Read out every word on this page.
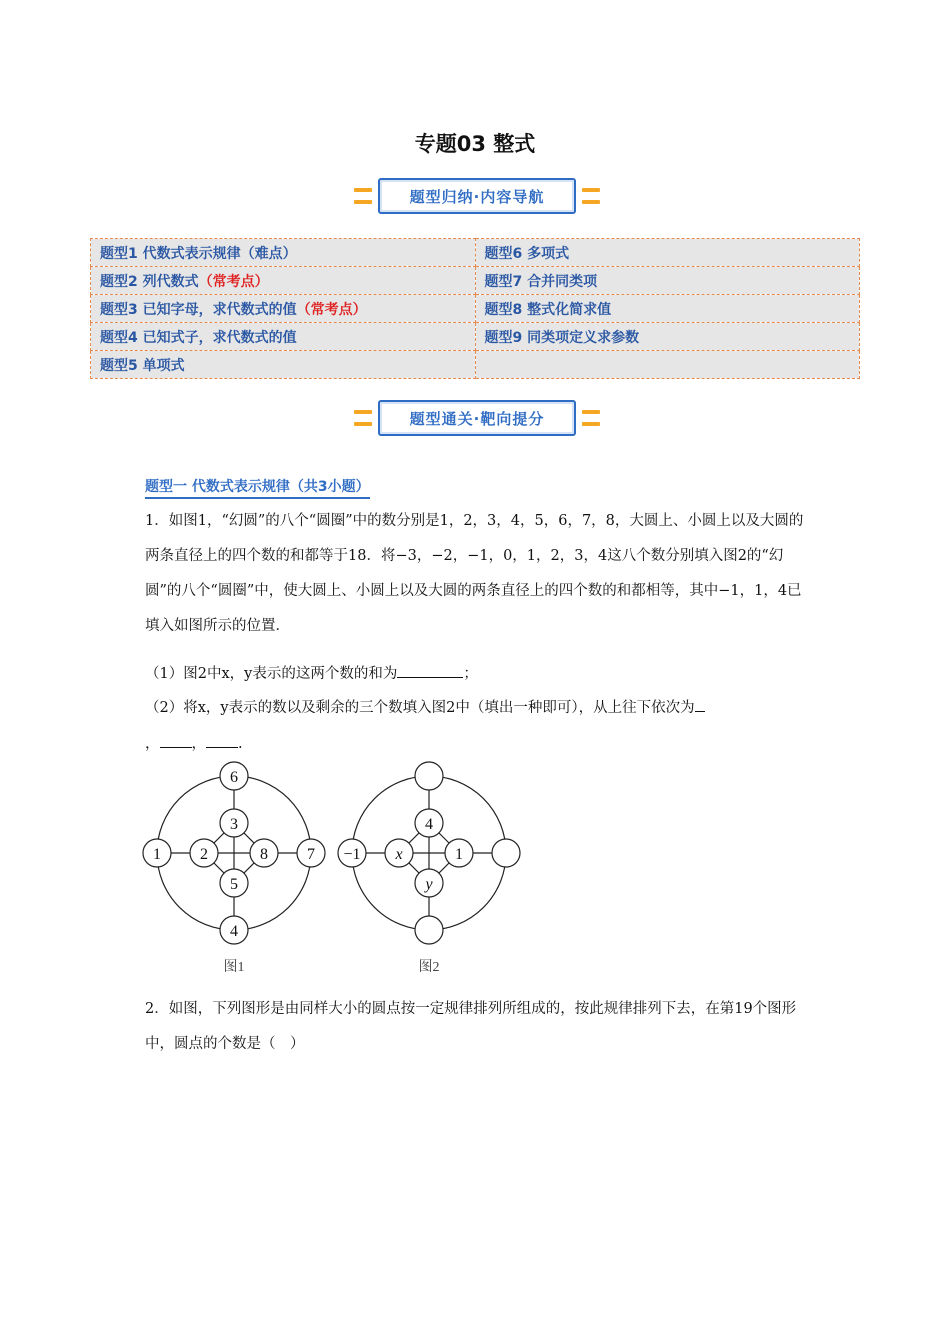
专题03 整式
题型归纳·内容导航
题型1 代数式表示规律（难点）	题型6 多项式
题型2 列代数式（常考点）	题型7 合并同类项
题型3 已知字母，求代数式的值（常考点）	题型8 整式化简求值
题型4 已知式子，求代数式的值	题型9 同类项定义求参数
题型5 单项式	
题型通关·靶向提分
题型一 代数式表示规律（共3小题）
1．如图1，“幻圆”的八个“圆圈”中的数分别是1，2，3，4，5，6，7，8，大圆上、小圆上以及大圆的两条直径上的四个数的和都等于18．将−3，−2，−1，0，1，2，3，4这八个数分别填入图2的“幻圆”的八个“圆圈”中，使大圆上、小圆上以及大圆的两条直径上的四个数的和都相等，其中−1，1，4已填入如图所示的位置．
（1）图2中x，y表示的这两个数的和为	；
（2）将x，y表示的数以及剩余的三个数填入图2中（填出一种即可），从上往下依次为
， ， .
6
3
1 2	8 7
5
4
图1
4
−1 x	1
y
图2
2．如图，下列图形是由同样大小的圆点按一定规律排列所组成的，按此规律排列下去，在第19个图形中，圆点的个数是（　）
